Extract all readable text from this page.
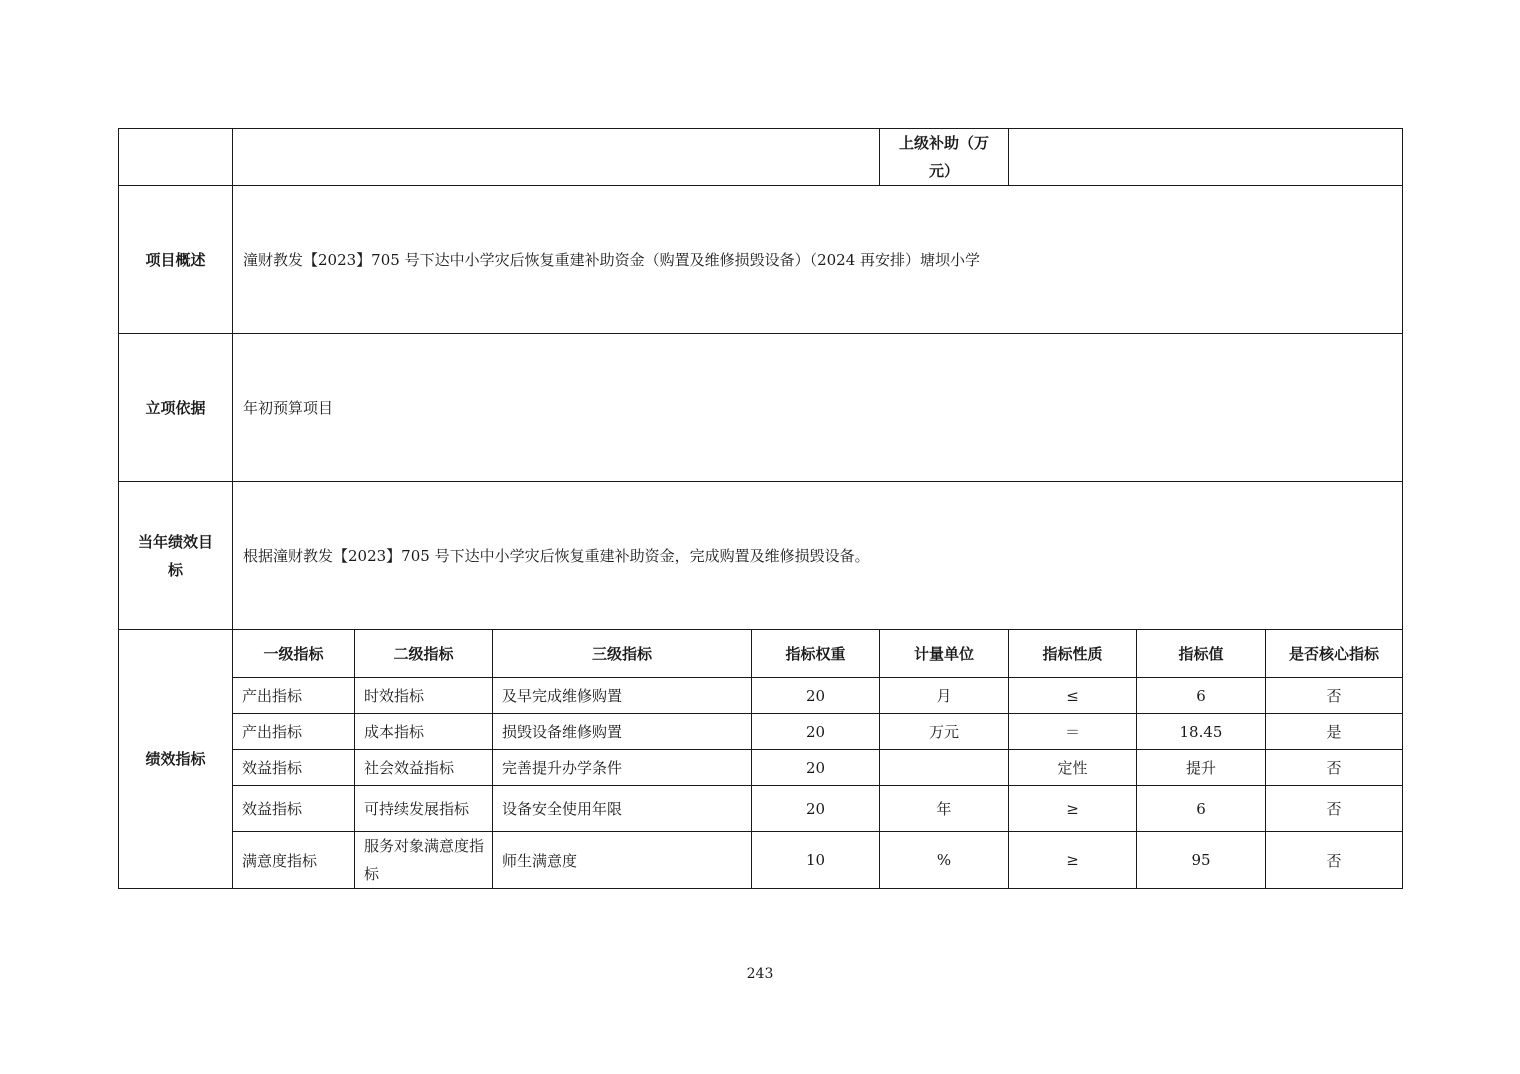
					上级补助（万元）			
项目概述	潼财教发【2023】705 号下达中小学灾后恢复重建补助资金（购置及维修损毁设备）（2024 再安排）塘坝小学							
立项依据	年初预算项目							
当年绩效目标	根据潼财教发【2023】705 号下达中小学灾后恢复重建补助资金，完成购置及维修损毁设备。							
绩效指标	一级指标	二级指标	三级指标	指标权重	计量单位	指标性质	指标值	是否核心指标
	产出指标	时效指标	及早完成维修购置	20	月	≤	6	否
	产出指标	成本指标	损毁设备维修购置	20	万元	＝	18.45	是
	效益指标	社会效益指标	完善提升办学条件	20		定性	提升	否
	效益指标	可持续发展指标	设备安全使用年限	20	年	≥	6	否
	满意度指标	服务对象满意度指标	师生满意度	10	%	≥	95	否
243
